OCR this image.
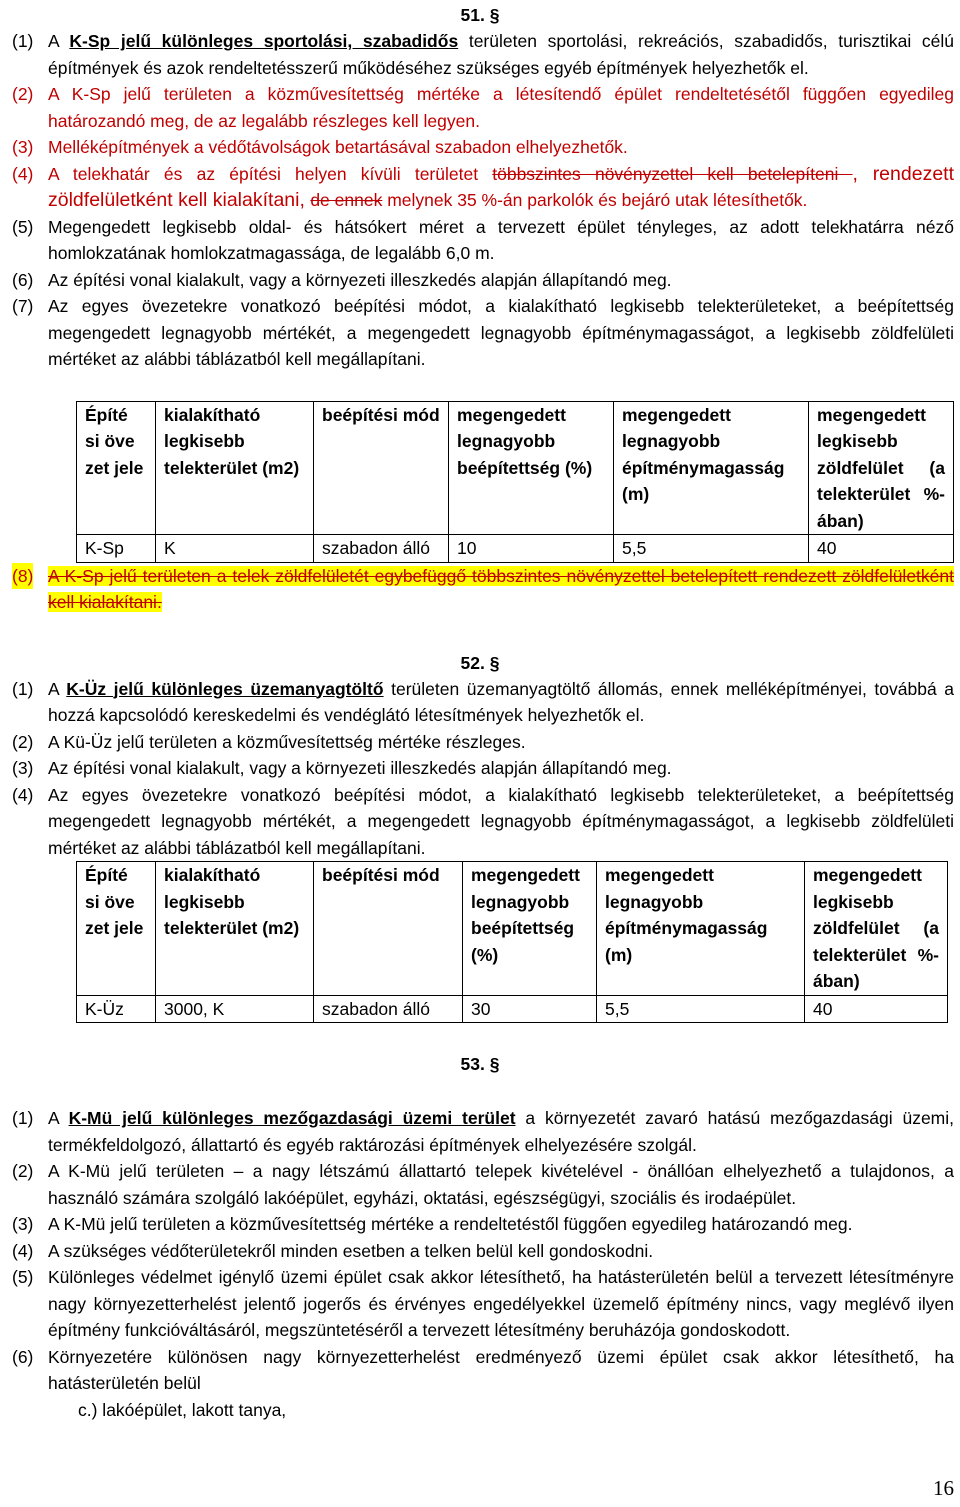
51. §
(1) A K-Sp jelű különleges sportolási, szabadidős területen sportolási, rekreációs, szabadidős, turisztikai célú építmények és azok rendeltetésszerű működéséhez szükséges egyéb építmények helyezhetők el.
(2) A K-Sp jelű területen a közművesítettség mértéke a létesítendő épület rendeltetésétől függően egyedileg határozandó meg, de az legalább részleges kell legyen.
(3) Melléképítmények a védőtávolságok betartásával szabadon elhelyezhetők.
(4) A telekhatár és az építési helyen kívüli területet többszintes növényzettel kell betelepíteni , rendezett zöldfelületként kell kialakítani, de ennek melynek 35 %-án parkolók és bejáró utak létesíthetők.
(5) Megengedett legkisebb oldal- és hátsókert méret a tervezett épület tényleges, az adott telekhatárra néző homlokzatának homlokzatmagassága, de legalább 6,0 m.
(6) Az építési vonal kialakult, vagy a környezeti illeszkedés alapján állapítandó meg.
(7) Az egyes övezetekre vonatkozó beépítési módot, a kialakítható legkisebb telekterületeket, a beépítettség megengedett legnagyobb mértékét, a megengedett legnagyobb építménymagasságot, a legkisebb zöldfelületi mértéket az alábbi táblázatból kell megállapítani.
Építé si öve zet jele	kialakítható legkisebb telekterület (m2)	beépítési mód	megengedett legnagyobb beépítettség (%)	megengedett legnagyobb építménymagasság (m)	megengedett legkisebb zöldfelület (a telekterület %-ában)
K-Sp	K	szabadon álló	10	5,5	40
(8) A K-Sp jelű területen a telek zöldfelületét egybefüggő többszintes növényzettel betelepített rendezett zöldfelületként kell kialakítani.
52. §
(1) A K-Üz jelű különleges üzemanyagtöltő területen üzemanyagtöltő állomás, ennek melléképítményei, továbbá a hozzá kapcsolódó kereskedelmi és vendéglátó létesítmények helyezhetők el.
(2) A Kü-Üz jelű területen a közművesítettség mértéke részleges.
(3) Az építési vonal kialakult, vagy a környezeti illeszkedés alapján állapítandó meg.
(4) Az egyes övezetekre vonatkozó beépítési módot, a kialakítható legkisebb telekterületeket, a beépítettség megengedett legnagyobb mértékét, a megengedett legnagyobb építménymagasságot, a legkisebb zöldfelületi mértéket az alábbi táblázatból kell megállapítani.
Építé si öve zet jele	kialakítható legkisebb telekterület (m2)	beépítési mód	megengedett legnagyobb beépítettség (%)	megengedett legnagyobb építménymagasság (m)	megengedett legkisebb zöldfelület (a telekterület %-ában)
K-Üz	3000, K	szabadon álló	30	5,5	40
53. §
(1) A K-Mü jelű különleges mezőgazdasági üzemi terület a környezetét zavaró hatású mezőgazdasági üzemi, termékfeldolgozó, állattartó és egyéb raktározási építmények elhelyezésére szolgál.
(2) A K-Mü jelű területen – a nagy létszámú állattartó telepek kivételével - önállóan elhelyezhető a tulajdonos, a használó számára szolgáló lakóépület, egyházi, oktatási, egészségügyi, szociális és irodaépület.
(3) A K-Mü jelű területen a közművesítettség mértéke a rendeltetéstől függően egyedileg határozandó meg.
(4) A szükséges védőterületekről minden esetben a telken belül kell gondoskodni.
(5) Különleges védelmet igénylő üzemi épület csak akkor létesíthető, ha hatásterületén belül a tervezett létesítményre nagy környezetterhelést jelentő jogerős és érvényes engedélyekkel üzemelő építmény nincs, vagy meglévő ilyen építmény funkcióváltásáról, megszüntetéséről a tervezett létesítmény beruházója gondoskodott.
(6) Környezetére különösen nagy környezetterhelést eredményező üzemi épület csak akkor létesíthető, ha hatásterületén belül
c.) lakóépület, lakott tanya,
16
